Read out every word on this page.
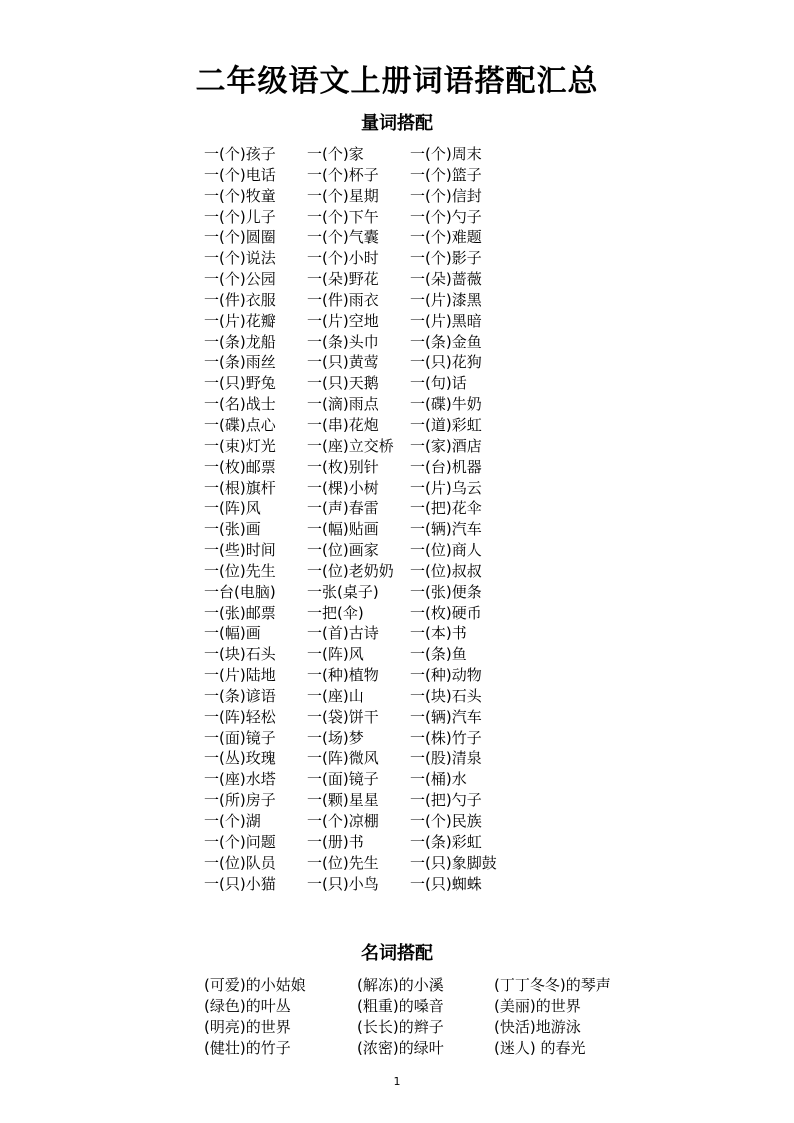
二年级语文上册词语搭配汇总
量词搭配
一(个)孩子	一(个)家	一(个)周末
一(个)电话	一(个)杯子	一(个)篮子
一(个)牧童	一(个)星期	一(个)信封
一(个)儿子	一(个)下午	一(个)勺子
一(个)圆圈	一(个)气囊	一(个)难题
一(个)说法	一(个)小时	一(个)影子
一(个)公园	一(朵)野花	一(朵)蔷薇
一(件)衣服	一(件)雨衣	一(片)漆黑
一(片)花瓣	一(片)空地	一(片)黑暗
一(条)龙船	一(条)头巾	一(条)金鱼
一(条)雨丝	一(只)黄莺	一(只)花狗
一(只)野兔	一(只)天鹅	一(句)话
一(名)战士	一(滴)雨点	一(碟)牛奶
一(碟)点心	一(串)花炮	一(道)彩虹
一(束)灯光	一(座)立交桥	一(家)酒店
一(枚)邮票	一(枚)别针	一(台)机器
一(根)旗杆	一(棵)小树	一(片)乌云
一(阵)风	一(声)春雷	一(把)花伞
一(张)画	一(幅)贴画	一(辆)汽车
一(些)时间	一(位)画家	一(位)商人
一(位)先生	一(位)老奶奶	一(位)叔叔
一台(电脑)	一张(桌子)	一(张)便条
一(张)邮票	一把(伞)	一(枚)硬币
一(幅)画	一(首)古诗	一(本)书
一(块)石头	一(阵)风	一(条)鱼
一(片)陆地	一(种)植物	一(种)动物
一(条)谚语	一(座)山	一(块)石头
一(阵)轻松	一(袋)饼干	一(辆)汽车
一(面)镜子	一(场)梦	一(株)竹子
一(丛)玫瑰	一(阵)微风	一(股)清泉
一(座)水塔	一(面)镜子	一(桶)水
一(所)房子	一(颗)星星	一(把)勺子
一(个)湖	一(个)凉棚	一(个)民族
一(个)问题	一(册)书	一(条)彩虹
一(位)队员	一(位)先生	一(只)象脚鼓
一(只)小猫	一(只)小鸟	一(只)蜘蛛
名词搭配
(可爱)的小姑娘	(解冻)的小溪	(丁丁冬冬)的琴声
(绿色)的叶丛	(粗重)的嗓音	(美丽)的世界
(明亮)的世界	(长长)的辫子	(快活)地游泳
(健壮)的竹子	(浓密)的绿叶	(迷人) 的春光
1
